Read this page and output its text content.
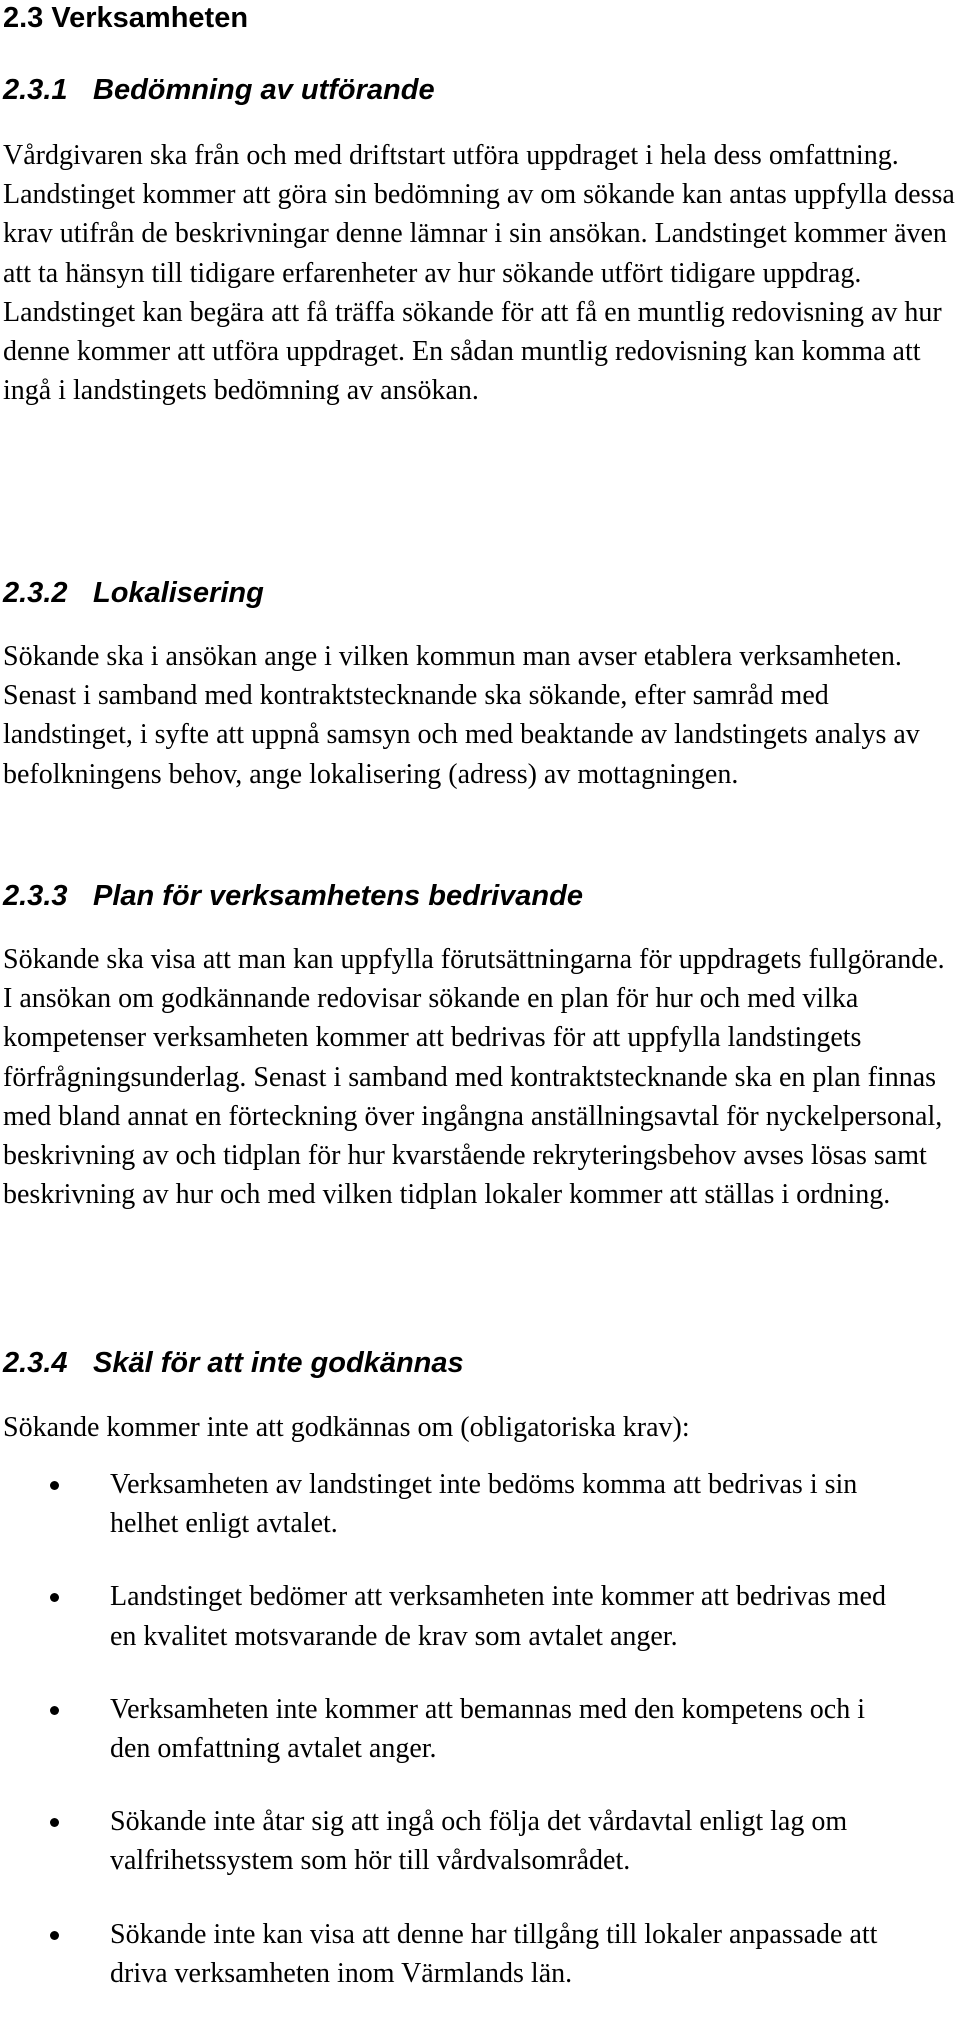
2.3 Verksamheten
2.3.1 Bedömning av utförande

Vårdgivaren ska från och med driftstart utföra uppdraget i hela dess omfattning. Landstinget kommer att göra sin bedömning av om sökande kan antas uppfylla dessa krav utifrån de beskrivningar denne lämnar i sin ansökan. Landstinget kommer även att ta hänsyn till tidigare erfarenheter av hur sökande utfört tidigare uppdrag. Landstinget kan begära att få träffa sökande för att få en muntlig redovisning av hur denne kommer att utföra uppdraget. En sådan muntlig redovisning kan komma att ingå i landstingets bedömning av ansökan.

2.3.2 Lokalisering

Sökande ska i ansökan ange i vilken kommun man avser etablera verksamheten. Senast i samband med kontraktstecknande ska sökande, efter samråd med landstinget, i syfte att uppnå samsyn och med beaktande av landstingets analys av befolkningens behov, ange lokalisering (adress) av mottagningen.

2.3.3 Plan för verksamhetens bedrivande

Sökande ska visa att man kan uppfylla förutsättningarna för uppdragets fullgörande. I ansökan om godkännande redovisar sökande en plan för hur och med vilka kompetenser verksamheten kommer att bedrivas för att uppfylla landstingets förfrågningsunderlag. Senast i samband med kontraktstecknande ska en plan finnas med bland annat en förteckning över ingångna anställningsavtal för nyckelpersonal, beskrivning av och tidplan för hur kvarstående rekryteringsbehov avses lösas samt beskrivning av hur och med vilken tidplan lokaler kommer att ställas i ordning.

2.3.4 Skäl för att inte godkännas

Sökande kommer inte att godkännas om (obligatoriska krav):

Verksamheten av landstinget inte bedöms komma att bedrivas i sin helhet enligt avtalet.
Landstinget bedömer att verksamheten inte kommer att bedrivas med en kvalitet motsvarande de krav som avtalet anger.
Verksamheten inte kommer att bemannas med den kompetens och i den omfattning avtalet anger.
Sökande inte åtar sig att ingå och följa det vårdavtal enligt lag om valfrihetssystem som hör till vårdvalsområdet.
Sökande inte kan visa att denne har tillgång till lokaler anpassade att driva verksamheten inom Värmlands län.
